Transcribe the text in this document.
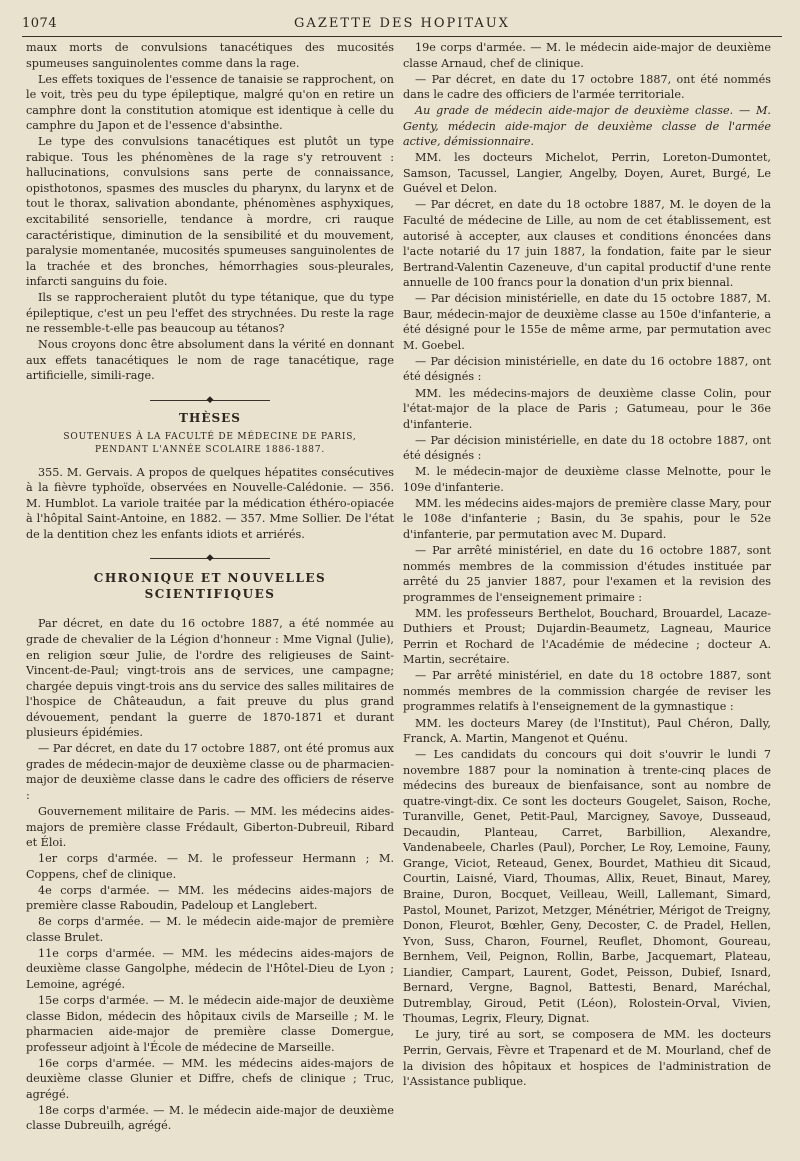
1074	GAZETTE DES HOPITAUX

maux morts de convulsions tanacétiques des mucosités spumeuses sanguinolentes comme dans la rage.

Les effets toxiques de l'essence de tanaisie se rapprochent, on le voit, très peu du type épileptique, malgré qu'on en retire un camphre dont la constitution atomique est identique à celle du camphre du Japon et de l'essence d'absinthe.

Le type des convulsions tanacétiques est plutôt un type rabique. Tous les phénomènes de la rage s'y retrouvent : hallucinations, convulsions sans perte de connaissance, opisthotonos, spasmes des muscles du pharynx, du larynx et de tout le thorax, salivation abondante, phénomènes asphyxiques, excitabilité sensorielle, tendance à mordre, cri rauque caractéristique, diminution de la sensibilité et du mouvement, paralysie momentanée, mucosités spumeuses sanguinolentes de la trachée et des bronches, hémorrhagies sous-pleurales, infarcti sanguins du foie.

Ils se rapprocheraient plutôt du type tétanique, que du type épileptique, c'est un peu l'effet des strychnées. Du reste la rage ne ressemble-t-elle pas beaucoup au tétanos?

Nous croyons donc être absolument dans la vérité en donnant aux effets tanacétiques le nom de rage tanacétique, rage artificielle, simili-rage.

◆
THÈSES
SOUTENUES À LA FACULTÉ DE MÉDECINE DE PARIS,
PENDANT L'ANNÉE SCOLAIRE 1886-1887.

355. M. Gervais. A propos de quelques hépatites consécutives à la fièvre typhoïde, observées en Nouvelle-Calédonie. — 356. M. Humblot. La variole traitée par la médication éthéro-opiacée à l'hôpital Saint-Antoine, en 1882. — 357. Mme Sollier. De l'état de la dentition chez les enfants idiots et arriérés.

◆
CHRONIQUE ET NOUVELLES SCIENTIFIQUES

Par décret, en date du 16 octobre 1887, a été nommée au grade de chevalier de la Légion d'honneur : Mme Vignal (Julie), en religion sœur Julie, de l'ordre des religieuses de Saint-Vincent-de-Paul; vingt-trois ans de services, une campagne; chargée depuis vingt-trois ans du service des salles militaires de l'hospice de Châteaudun, a fait preuve du plus grand dévouement, pendant la guerre de 1870-1871 et durant plusieurs épidémies.

— Par décret, en date du 17 octobre 1887, ont été promus aux grades de médecin-major de deuxième classe ou de pharmacien-major de deuxième classe dans le cadre des officiers de réserve :

Gouvernement militaire de Paris. — MM. les médecins aides-majors de première classe Frédault, Giberton-Dubreuil, Ribard et Éloi.

1er corps d'armée. — M. le professeur Hermann ; M. Coppens, chef de clinique.

4e corps d'armée. — MM. les médecins aides-majors de première classe Raboudin, Padeloup et Langlebert.

8e corps d'armée. — M. le médecin aide-major de première classe Brulet.

11e corps d'armée. — MM. les médecins aides-majors de deuxième classe Gangolphe, médecin de l'Hôtel-Dieu de Lyon ; Lemoine, agrégé.

15e corps d'armée. — M. le médecin aide-major de deuxième classe Bidon, médecin des hôpitaux civils de Marseille ; M. le pharmacien aide-major de première classe Domergue, professeur adjoint à l'École de médecine de Marseille.

16e corps d'armée. — MM. les médecins aides-majors de deuxième classe Glunier et Diffre, chefs de clinique ; Truc, agrégé.

18e corps d'armée. — M. le médecin aide-major de deuxième classe Dubreuilh, agrégé.

19e corps d'armée. — M. le médecin aide-major de deuxième classe Arnaud, chef de clinique.

— Par décret, en date du 17 octobre 1887, ont été nommés dans le cadre des officiers de l'armée territoriale.

Au grade de médecin aide-major de deuxième classe. — M. Genty, médecin aide-major de deuxième classe de l'armée active, démissionnaire.

MM. les docteurs Michelot, Perrin, Loreton-Dumontet, Samson, Tacussel, Langier, Angelby, Doyen, Auret, Burgé, Le Guével et Delon.

— Par décret, en date du 18 octobre 1887, M. le doyen de la Faculté de médecine de Lille, au nom de cet établissement, est autorisé à accepter, aux clauses et conditions énoncées dans l'acte notarié du 17 juin 1887, la fondation, faite par le sieur Bertrand-Valentin Cazeneuve, d'un capital productif d'une rente annuelle de 100 francs pour la donation d'un prix biennal.

— Par décision ministérielle, en date du 15 octobre 1887, M. Baur, médecin-major de deuxième classe au 150e d'infanterie, a été désigné pour le 155e de même arme, par permutation avec M. Goebel.

— Par décision ministérielle, en date du 16 octobre 1887, ont été désignés :

MM. les médecins-majors de deuxième classe Colin, pour l'état-major de la place de Paris ; Gatumeau, pour le 36e d'infanterie.

— Par décision ministérielle, en date du 18 octobre 1887, ont été désignés :

M. le médecin-major de deuxième classe Melnotte, pour le 109e d'infanterie.

MM. les médecins aides-majors de première classe Mary, pour le 108e d'infanterie ; Basin, du 3e spahis, pour le 52e d'infanterie, par permutation avec M. Dupard.

— Par arrêté ministériel, en date du 16 octobre 1887, sont nommés membres de la commission d'études instituée par arrêté du 25 janvier 1887, pour l'examen et la revision des programmes de l'enseignement primaire :

MM. les professeurs Berthelot, Bouchard, Brouardel, Lacaze-Duthiers et Proust; Dujardin-Beaumetz, Lagneau, Maurice Perrin et Rochard de l'Académie de médecine ; docteur A. Martin, secrétaire.

— Par arrêté ministériel, en date du 18 octobre 1887, sont nommés membres de la commission chargée de reviser les programmes relatifs à l'enseignement de la gymnastique :

MM. les docteurs Marey (de l'Institut), Paul Chéron, Dally, Franck, A. Martin, Mangenot et Quénu.

— Les candidats du concours qui doit s'ouvrir le lundi 7 novembre 1887 pour la nomination à trente-cinq places de médecins des bureaux de bienfaisance, sont au nombre de quatre-vingt-dix. Ce sont les docteurs Gougelet, Saison, Roche, Turanville, Genet, Petit-Paul, Marcigney, Savoye, Dusseaud, Decaudin, Planteau, Carret, Barbillion, Alexandre, Vandenabeele, Charles (Paul), Porcher, Le Roy, Lemoine, Fauny, Grange, Viciot, Reteaud, Genex, Bourdet, Mathieu dit Sicaud, Courtin, Laisné, Viard, Thoumas, Allix, Reuet, Binaut, Marey, Braine, Duron, Bocquet, Veilleau, Weill, Lallemant, Simard, Pastol, Mounet, Parizot, Metzger, Ménétrier, Mérigot de Treigny, Donon, Fleurot, Bœhler, Geny, Decoster, C. de Pradel, Hellen, Yvon, Suss, Charon, Fournel, Reuflet, Dhomont, Goureau, Bernhem, Veil, Peignon, Rollin, Barbe, Jacquemart, Plateau, Liandier, Campart, Laurent, Godet, Peisson, Dubief, Isnard, Bernard, Vergne, Bagnol, Battesti, Benard, Maréchal, Dutremblay, Giroud, Petit (Léon), Rolostein-Orval, Vivien, Thoumas, Legrix, Fleury, Dignat.

Le jury, tiré au sort, se composera de MM. les docteurs Perrin, Gervais, Fèvre et Trapenard et de M. Mourland, chef de la division des hôpitaux et hospices de l'administration de l'Assistance publique.
